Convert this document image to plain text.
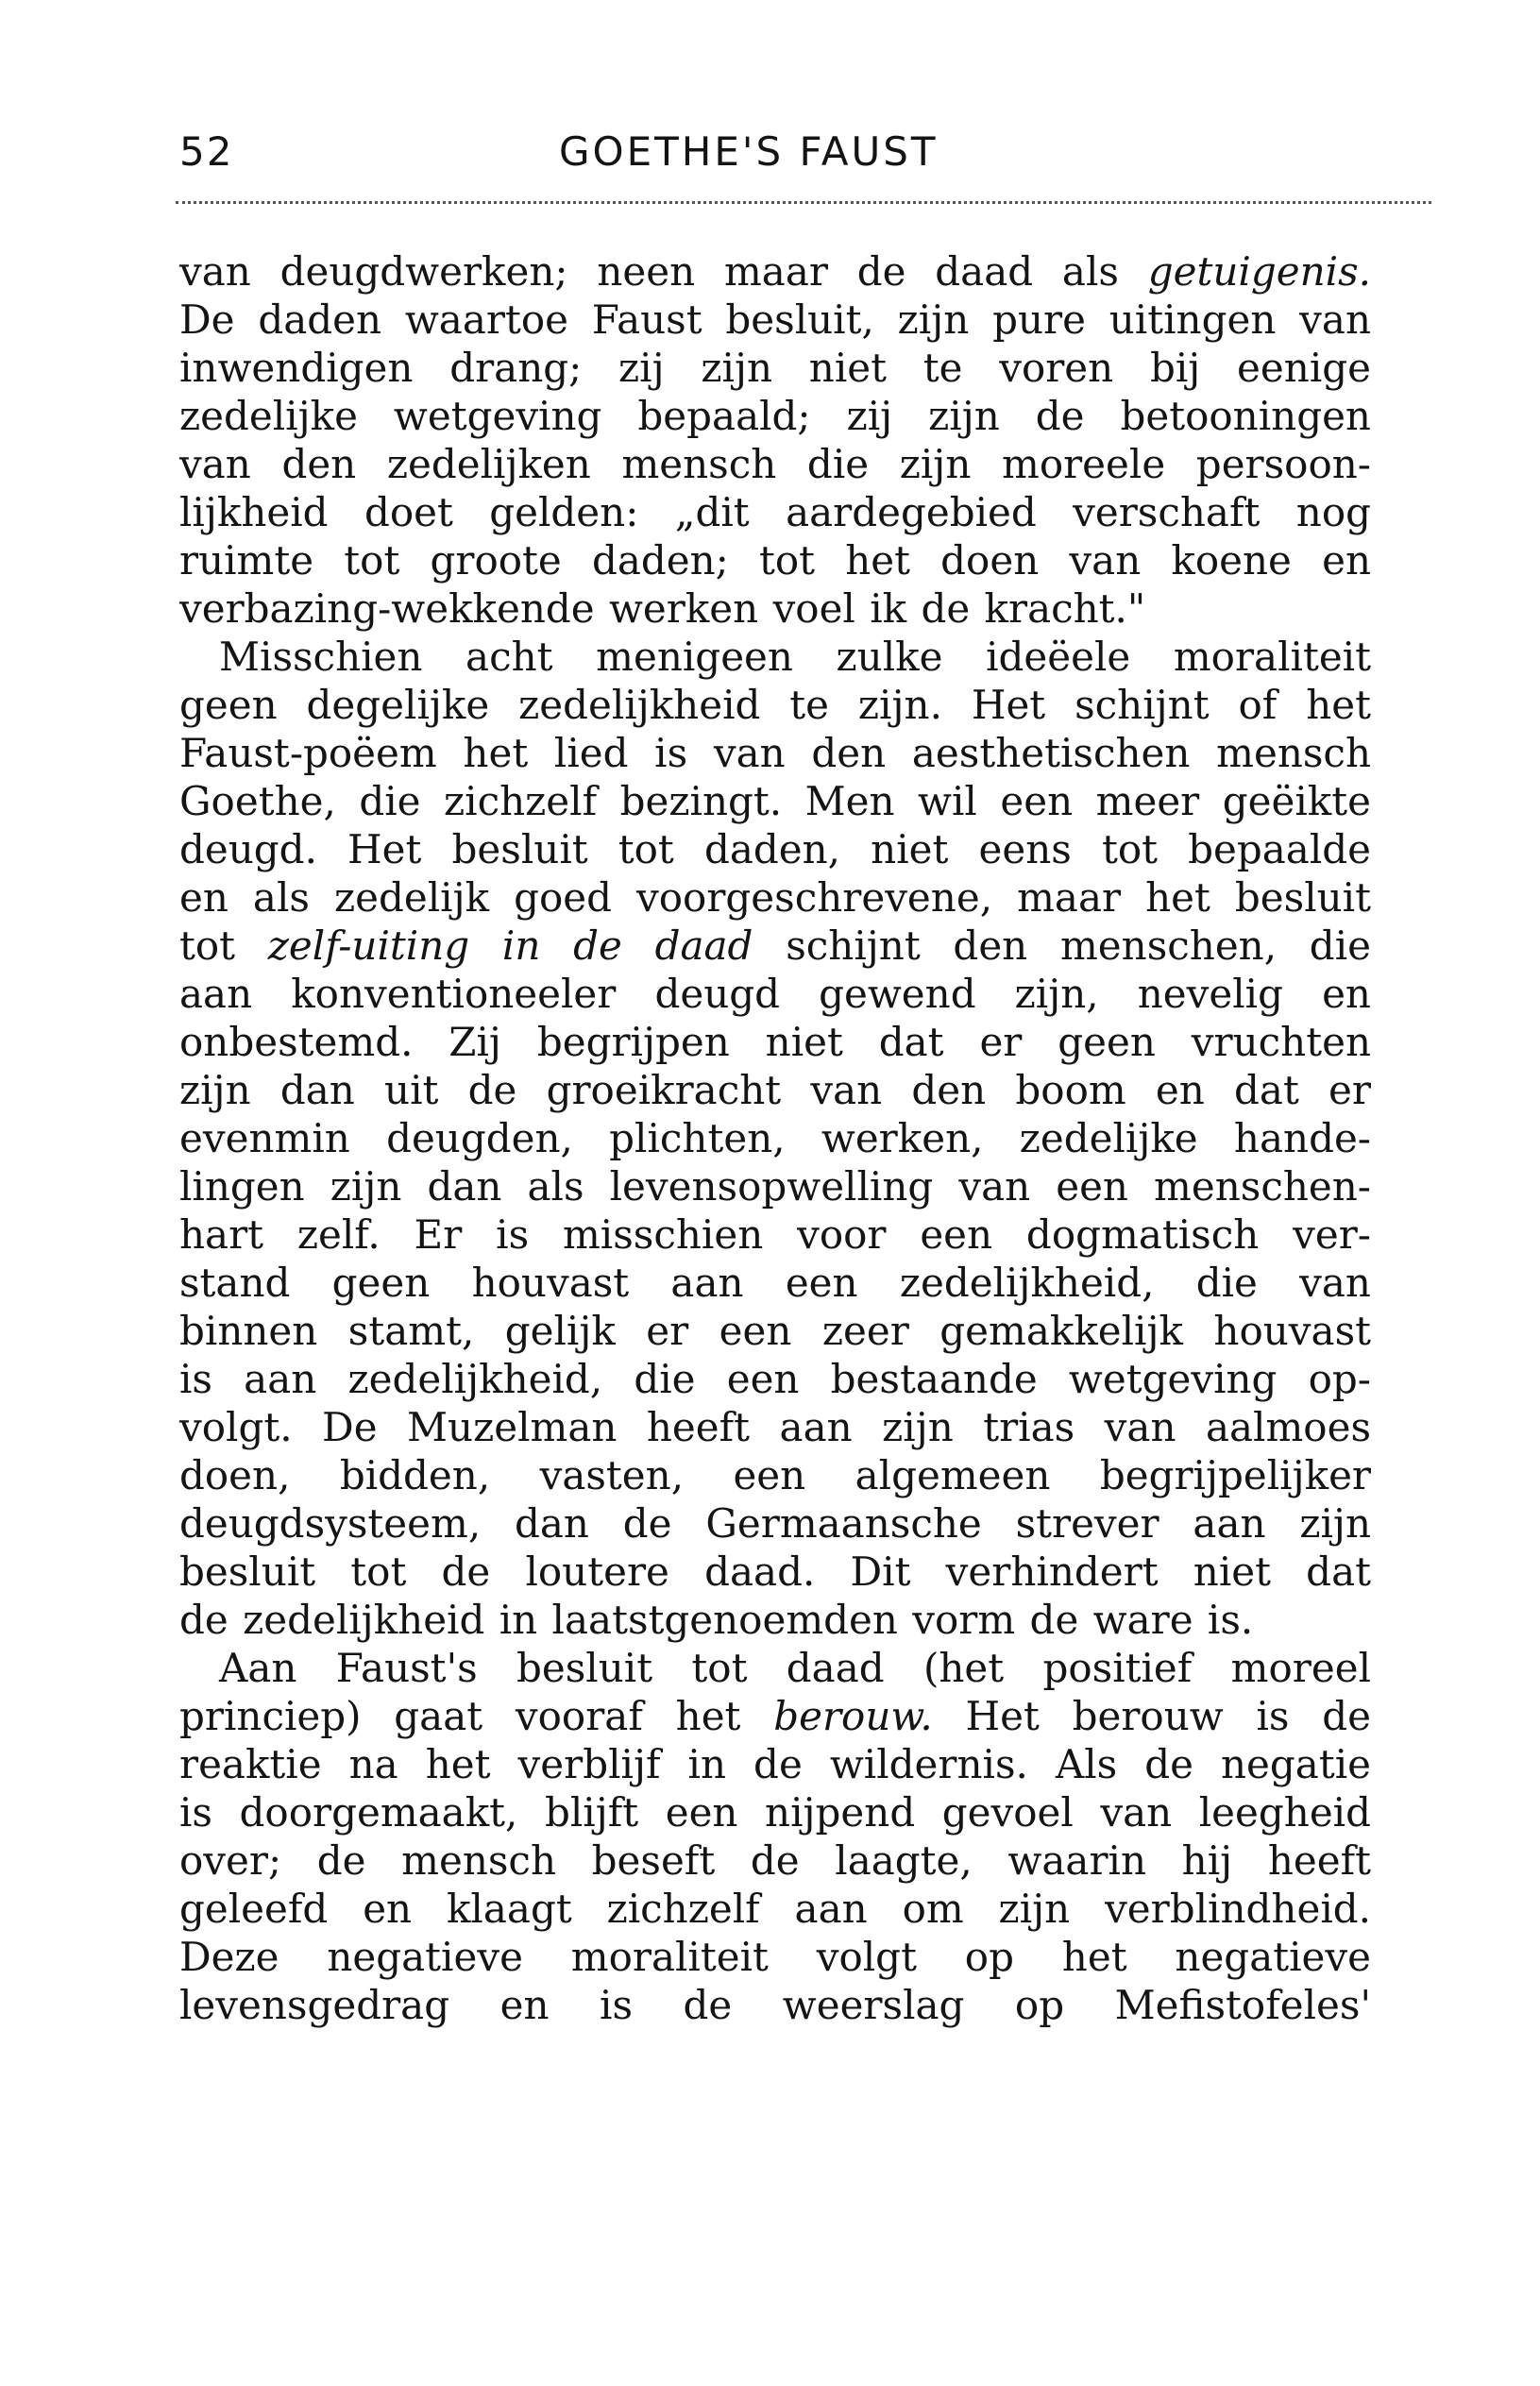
52	GOETHE'S FAUST
van deugdwerken; neen maar de daad als getuigenis.
De daden waartoe Faust besluit, zijn pure uitingen van
inwendigen drang; zij zijn niet te voren bij eenige
zedelijke wetgeving bepaald; zij zijn de betooningen
van den zedelijken mensch die zijn moreele persoon-
lijkheid doet gelden: „dit aardegebied verschaft nog
ruimte tot groote daden; tot het doen van koene en
verbazing-wekkende werken voel ik de kracht."
Misschien acht menigeen zulke ideëele moraliteit
geen degelijke zedelijkheid te zijn. Het schijnt of het
Faust-poëem het lied is van den aesthetischen mensch
Goethe, die zichzelf bezingt. Men wil een meer geëikte
deugd. Het besluit tot daden, niet eens tot bepaalde
en als zedelijk goed voorgeschrevene, maar het besluit
tot zelf-uiting in de daad schijnt den menschen, die
aan konventioneeler deugd gewend zijn, nevelig en
onbestemd. Zij begrijpen niet dat er geen vruchten
zijn dan uit de groeikracht van den boom en dat er
evenmin deugden, plichten, werken, zedelijke hande-
lingen zijn dan als levensopwelling van een menschen-
hart zelf. Er is misschien voor een dogmatisch ver-
stand geen houvast aan een zedelijkheid, die van
binnen stamt, gelijk er een zeer gemakkelijk houvast
is aan zedelijkheid, die een bestaande wetgeving op-
volgt. De Muzelman heeft aan zijn trias van aalmoes
doen, bidden, vasten, een algemeen begrijpelijker
deugdsysteem, dan de Germaansche strever aan zijn
besluit tot de loutere daad. Dit verhindert niet dat
de zedelijkheid in laatstgenoemden vorm de ware is.
Aan Faust's besluit tot daad (het positief moreel
princiep) gaat vooraf het berouw. Het berouw is de
reaktie na het verblijf in de wildernis. Als de negatie
is doorgemaakt, blijft een nijpend gevoel van leegheid
over; de mensch beseft de laagte, waarin hij heeft
geleefd en klaagt zichzelf aan om zijn verblindheid.
Deze negatieve moraliteit volgt op het negatieve
levensgedrag en is de weerslag op Mefistofeles'
